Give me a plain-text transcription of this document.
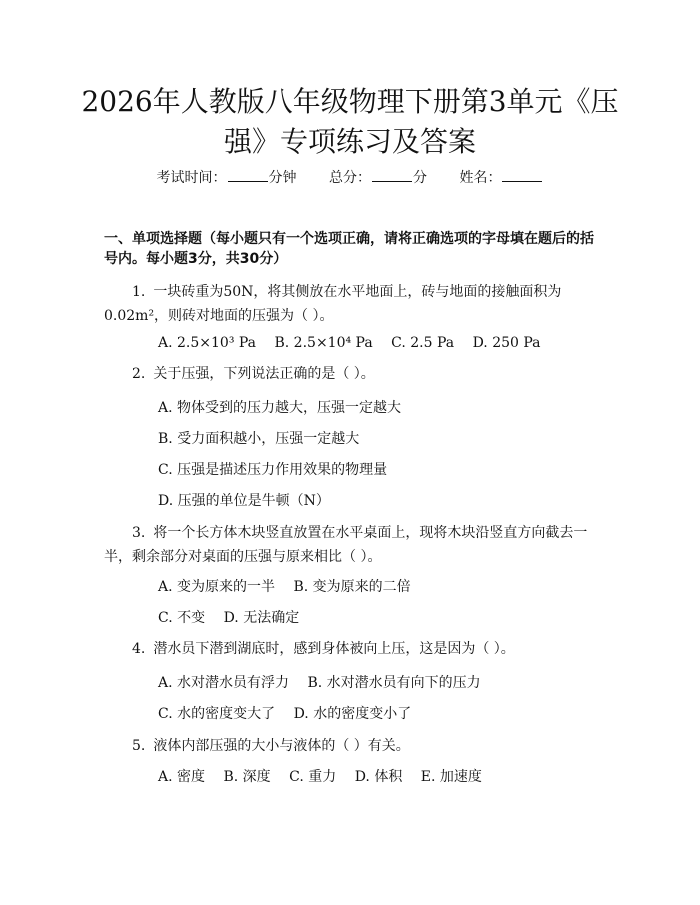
2026年人教版八年级物理下册第3单元《压强》专项练习及答案
考试时间：	分钟 总分：	分 姓名：
一、单项选择题（每小题只有一个选项正确，请将正确选项的字母填在题后的括号内。每小题3分，共30分）
1. 一块砖重为50N，将其侧放在水平地面上，砖与地面的接触面积为0.02m²，则砖对地面的压强为（ ）。
A. 2.5×10³ Pa B. 2.5×10⁴ Pa C. 2.5 Pa D. 250 Pa
2. 关于压强，下列说法正确的是（ ）。
A. 物体受到的压力越大，压强一定越大
B. 受力面积越小，压强一定越大
C. 压强是描述压力作用效果的物理量
D. 压强的单位是牛顿（N）
3. 将一个长方体木块竖直放置在水平桌面上，现将木块沿竖直方向截去一半，剩余部分对桌面的压强与原来相比（ ）。
A. 变为原来的一半 B. 变为原来的二倍
C. 不变 D. 无法确定
4. 潜水员下潜到湖底时，感到身体被向上压，这是因为（ ）。
A. 水对潜水员有浮力 B. 水对潜水员有向下的压力
C. 水的密度变大了 D. 水的密度变小了
5. 液体内部压强的大小与液体的（ ）有关。
A. 密度 B. 深度 C. 重力 D. 体积 E. 加速度
